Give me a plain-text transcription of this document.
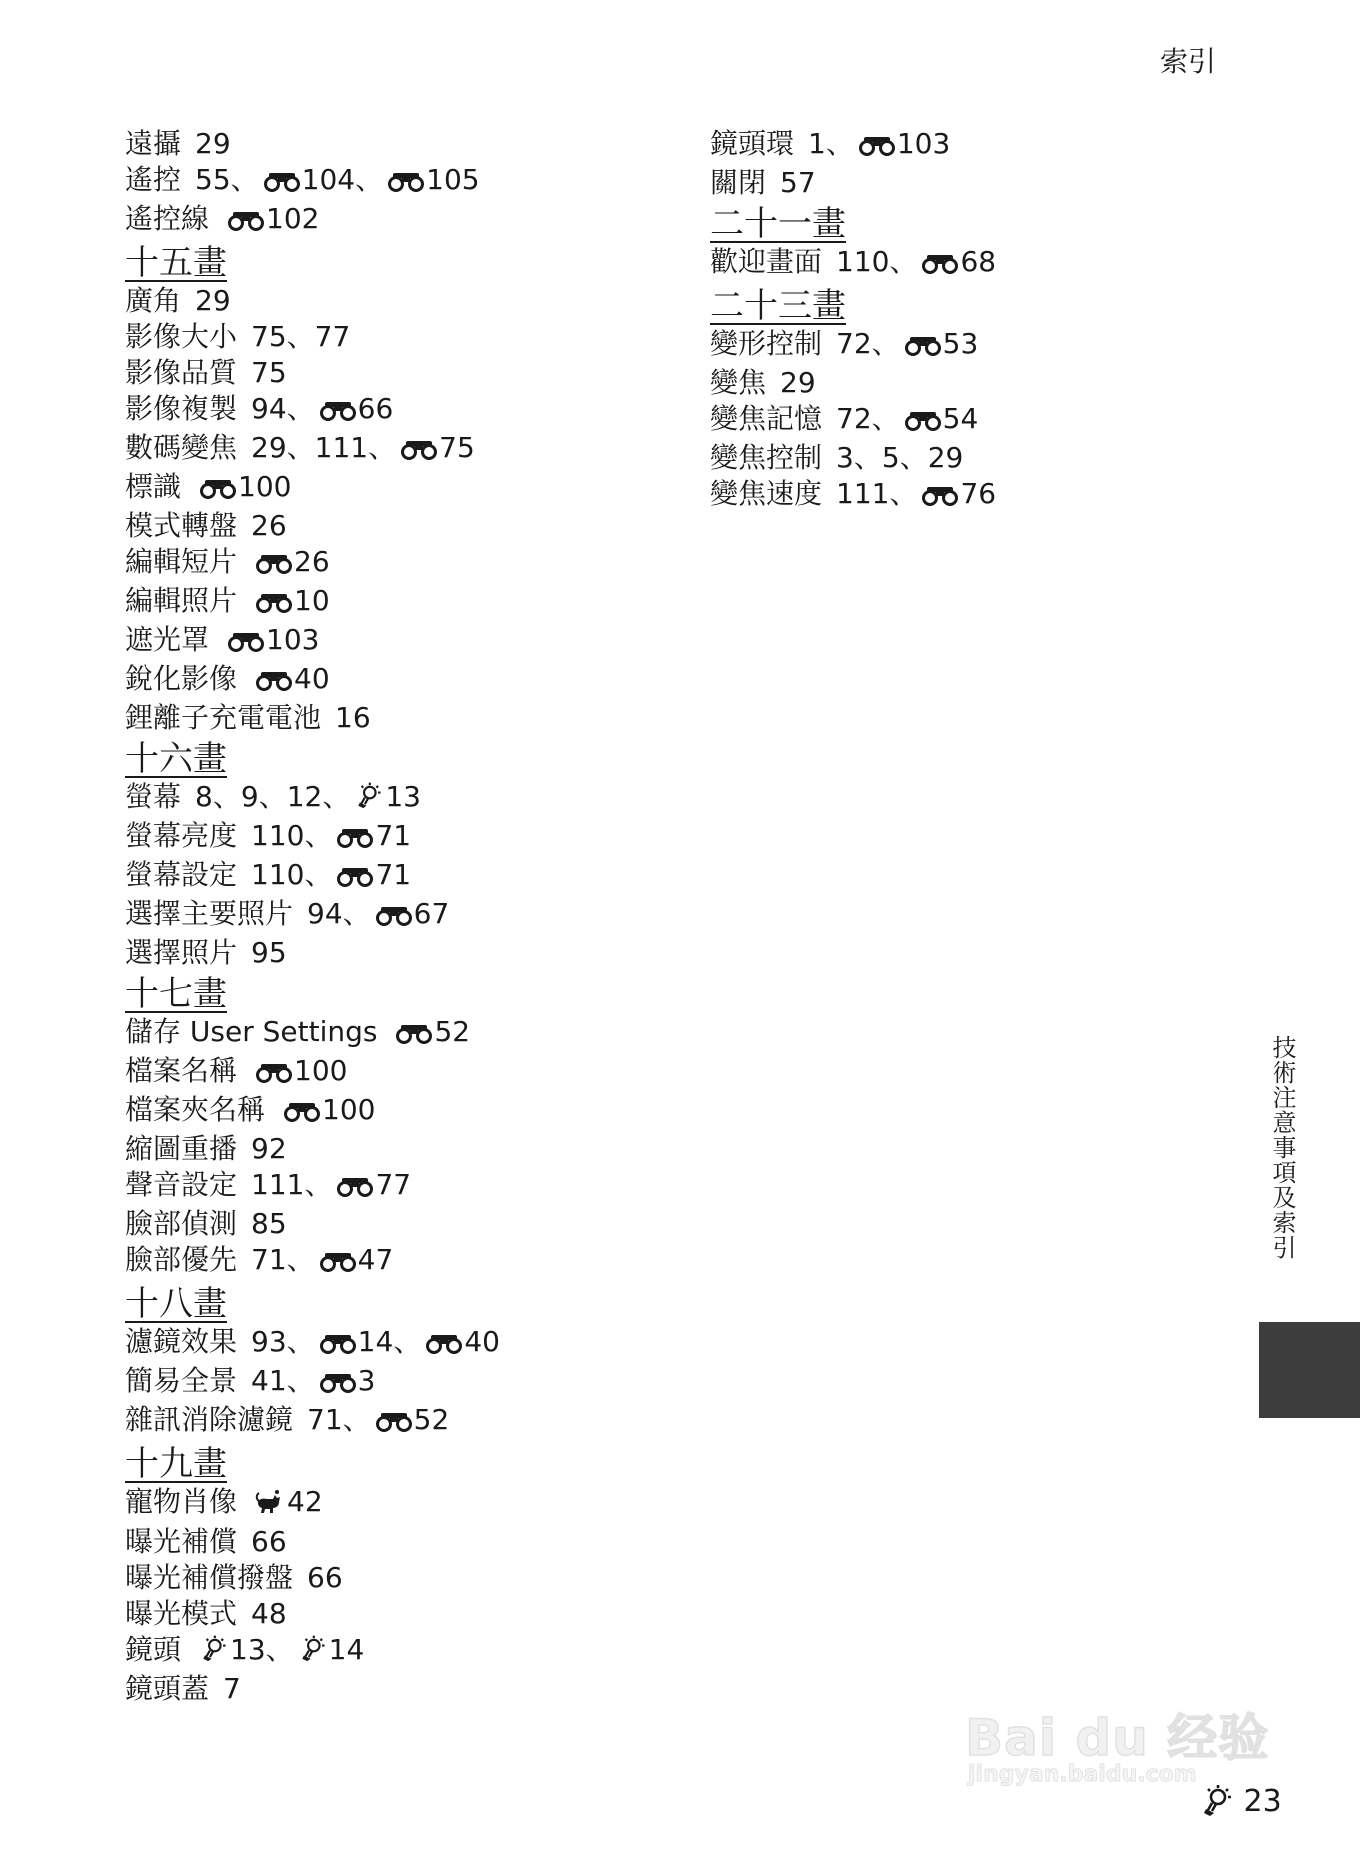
索引
遠攝 29
遙控 55、 104、 105
遙控線 102
十五畫
廣角 29
影像大小 75、77
影像品質 75
影像複製 94、 66
數碼變焦 29、111、 75
標識 100
模式轉盤 26
編輯短片 26
編輯照片 10
遮光罩 103
銳化影像 40
鋰離子充電電池 16
十六畫
螢幕 8、9、12、 13
螢幕亮度 110、 71
螢幕設定 110、 71
選擇主要照片 94、 67
選擇照片 95
十七畫
儲存 User Settings 52
檔案名稱 100
檔案夾名稱 100
縮圖重播 92
聲音設定 111、 77
臉部偵測 85
臉部優先 71、 47
十八畫
濾鏡效果 93、 14、 40
簡易全景 41、 3
雜訊消除濾鏡 71、 52
十九畫
寵物肖像 42
曝光補償 66
曝光補償撥盤 66
曝光模式 48
鏡頭 13、 14
鏡頭蓋 7
鏡頭環 1、 103
關閉 57
二十一畫
歡迎畫面 110、 68
二十三畫
變形控制 72、 53
變焦 29
變焦記憶 72、 54
變焦控制 3、5、29
變焦速度 111、 76
技術注意事項及索引
Bai du 经验
jingyan.baidu.com
23
